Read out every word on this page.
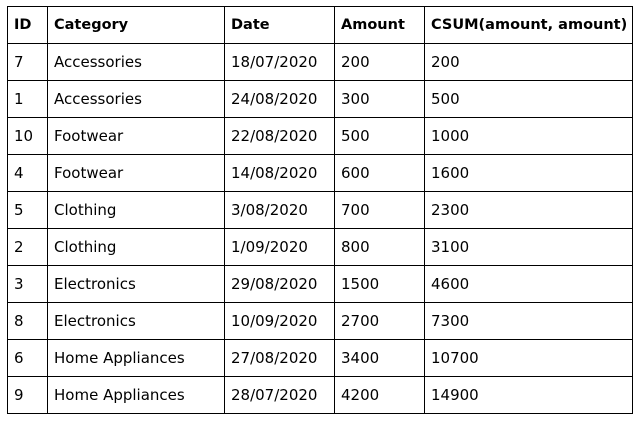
ID	Category	Date	Amount	CSUM(amount, amount)
7	Accessories	18/07/2020	200	200
1	Accessories	24/08/2020	300	500
10	Footwear	22/08/2020	500	1000
4	Footwear	14/08/2020	600	1600
5	Clothing	3/08/2020	700	2300
2	Clothing	1/09/2020	800	3100
3	Electronics	29/08/2020	1500	4600
8	Electronics	10/09/2020	2700	7300
6	Home Appliances	27/08/2020	3400	10700
9	Home Appliances	28/07/2020	4200	14900
